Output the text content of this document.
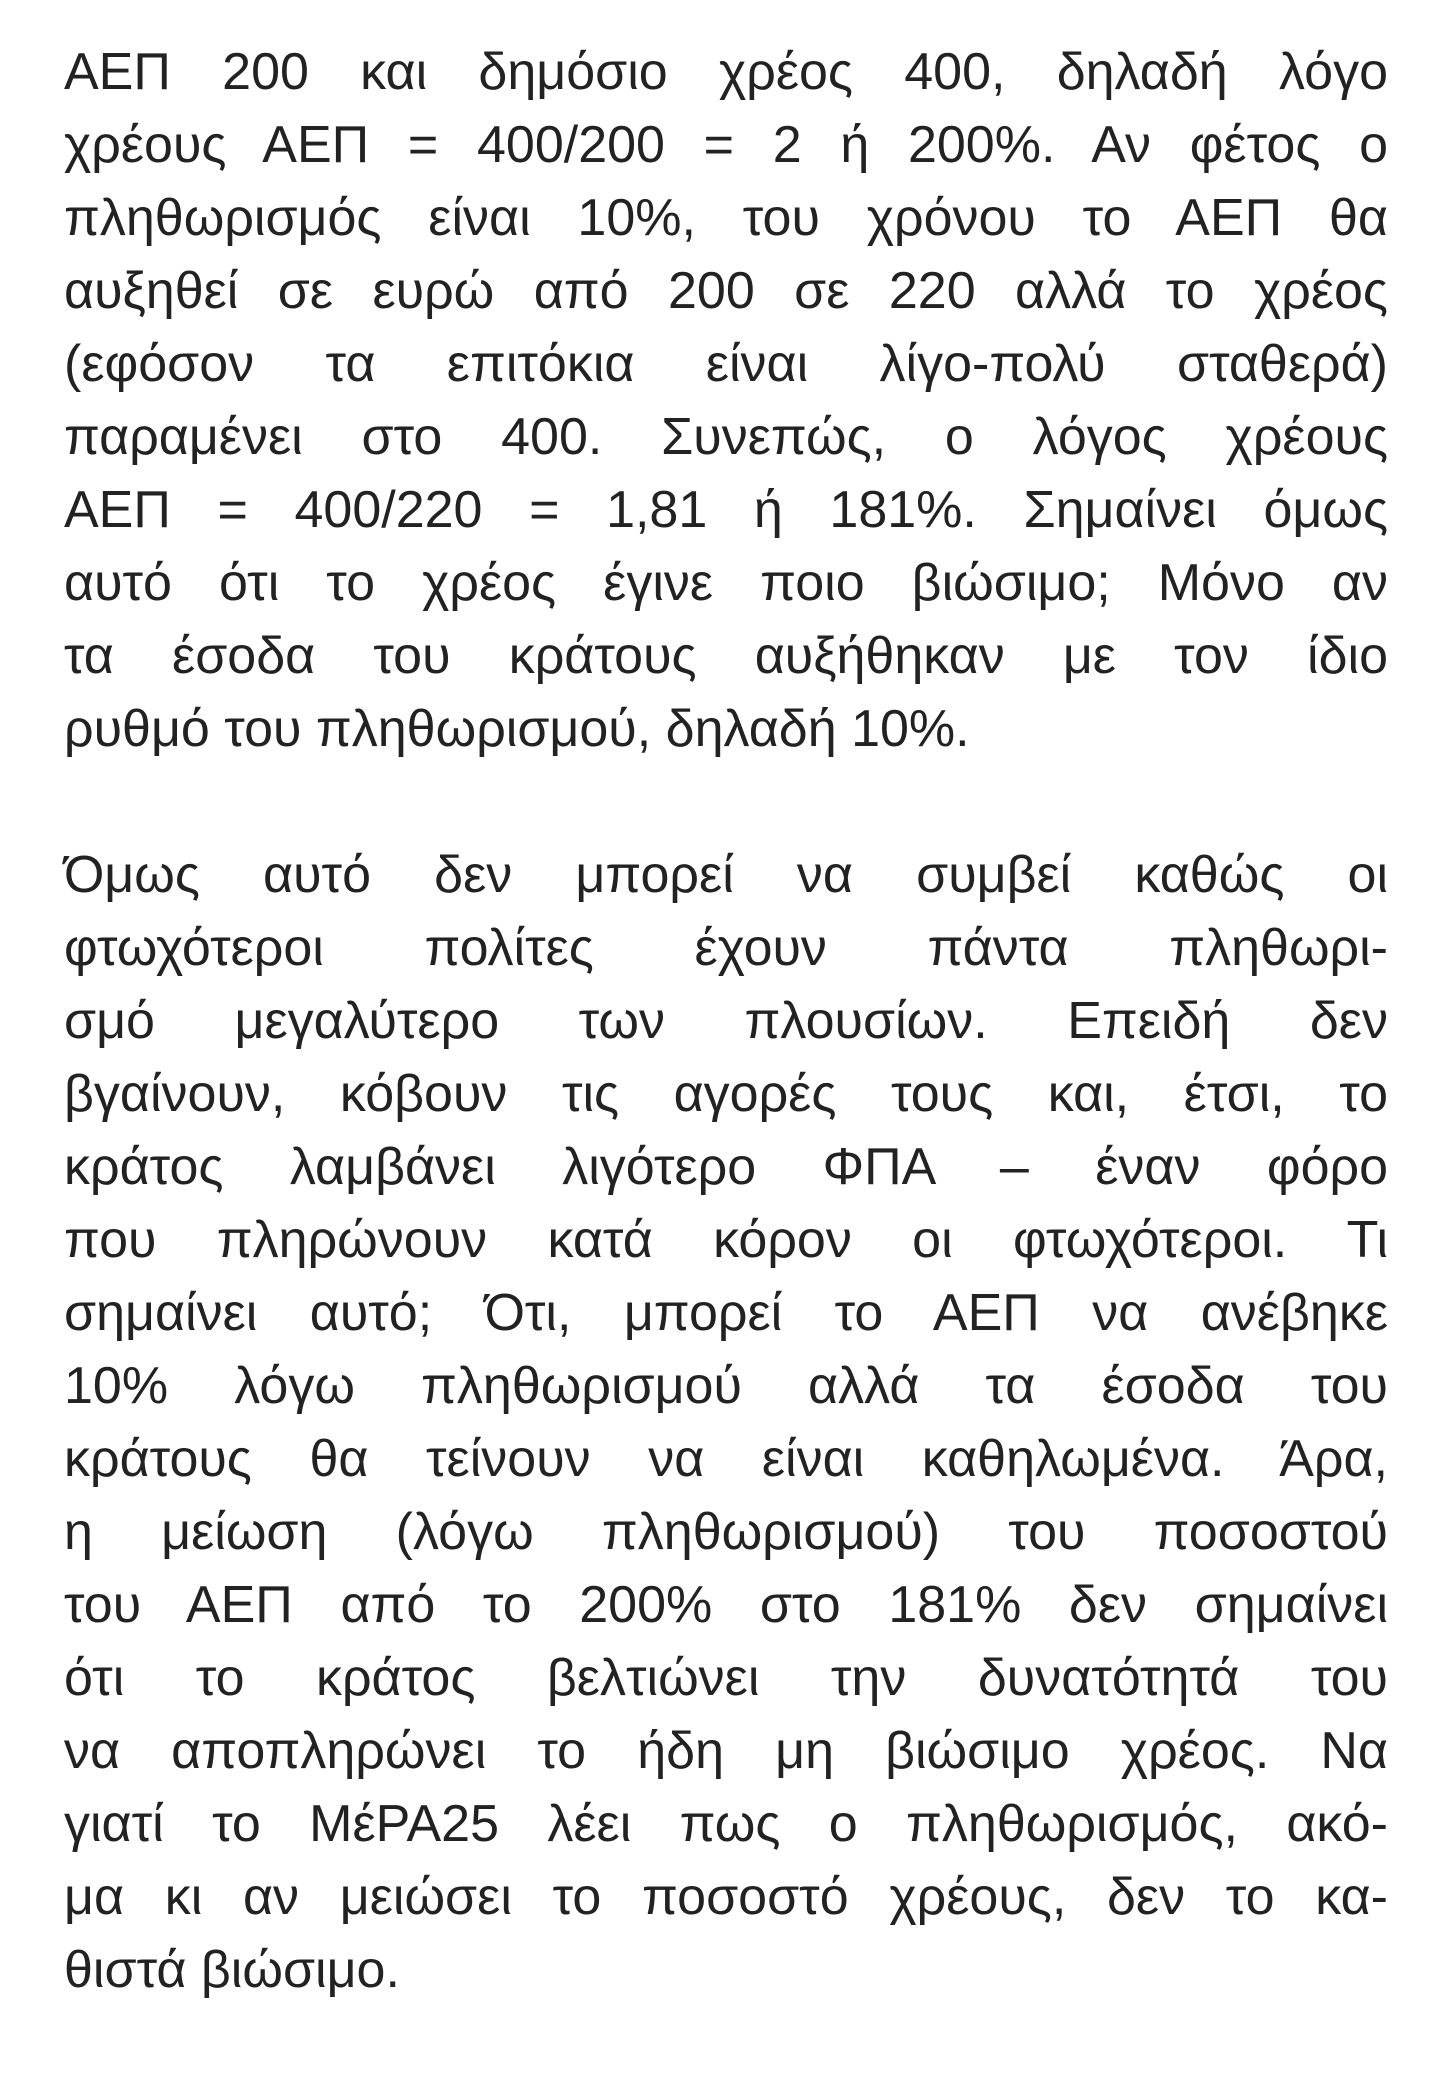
ΑΕΠ 200 και δημόσιο χρέος 400, δηλαδή λόγο
χρέους ΑΕΠ = 400/200 = 2 ή 200%. Αν φέτος ο
πληθωρισμός είναι 10%, του χρόνου το ΑΕΠ θα
αυξηθεί σε ευρώ από 200 σε 220 αλλά το χρέος
(εφόσον τα επιτόκια είναι λίγο-πολύ σταθερά)
παραμένει στο 400. Συνεπώς, ο λόγος χρέους
ΑΕΠ = 400/220 = 1,81 ή 181%. Σημαίνει όμως
αυτό ότι το χρέος έγινε ποιο βιώσιμο; Μόνο αν
τα έσοδα του κράτους αυξήθηκαν με τον ίδιο
ρυθμό του πληθωρισμού, δηλαδή 10%.

Όμως αυτό δεν μπορεί να συμβεί καθώς οι
φτωχότεροι πολίτες έχουν πάντα πληθωρι-
σμό μεγαλύτερο των πλουσίων. Επειδή δεν
βγαίνουν, κόβουν τις αγορές τους και, έτσι, το
κράτος λαμβάνει λιγότερο ΦΠΑ – έναν φόρο
που πληρώνουν κατά κόρον οι φτωχότεροι. Τι
σημαίνει αυτό; Ότι, μπορεί το ΑΕΠ να ανέβηκε
10% λόγω πληθωρισμού αλλά τα έσοδα του
κράτους θα τείνουν να είναι καθηλωμένα. Άρα,
η μείωση (λόγω πληθωρισμού) του ποσοστού
του ΑΕΠ από το 200% στο 181% δεν σημαίνει
ότι το κράτος βελτιώνει την δυνατότητά του
να αποπληρώνει το ήδη μη βιώσιμο χρέος. Να
γιατί το ΜέΡΑ25 λέει πως ο πληθωρισμός, ακό-
μα κι αν μειώσει το ποσοστό χρέους, δεν το κα-
θιστά βιώσιμο.
